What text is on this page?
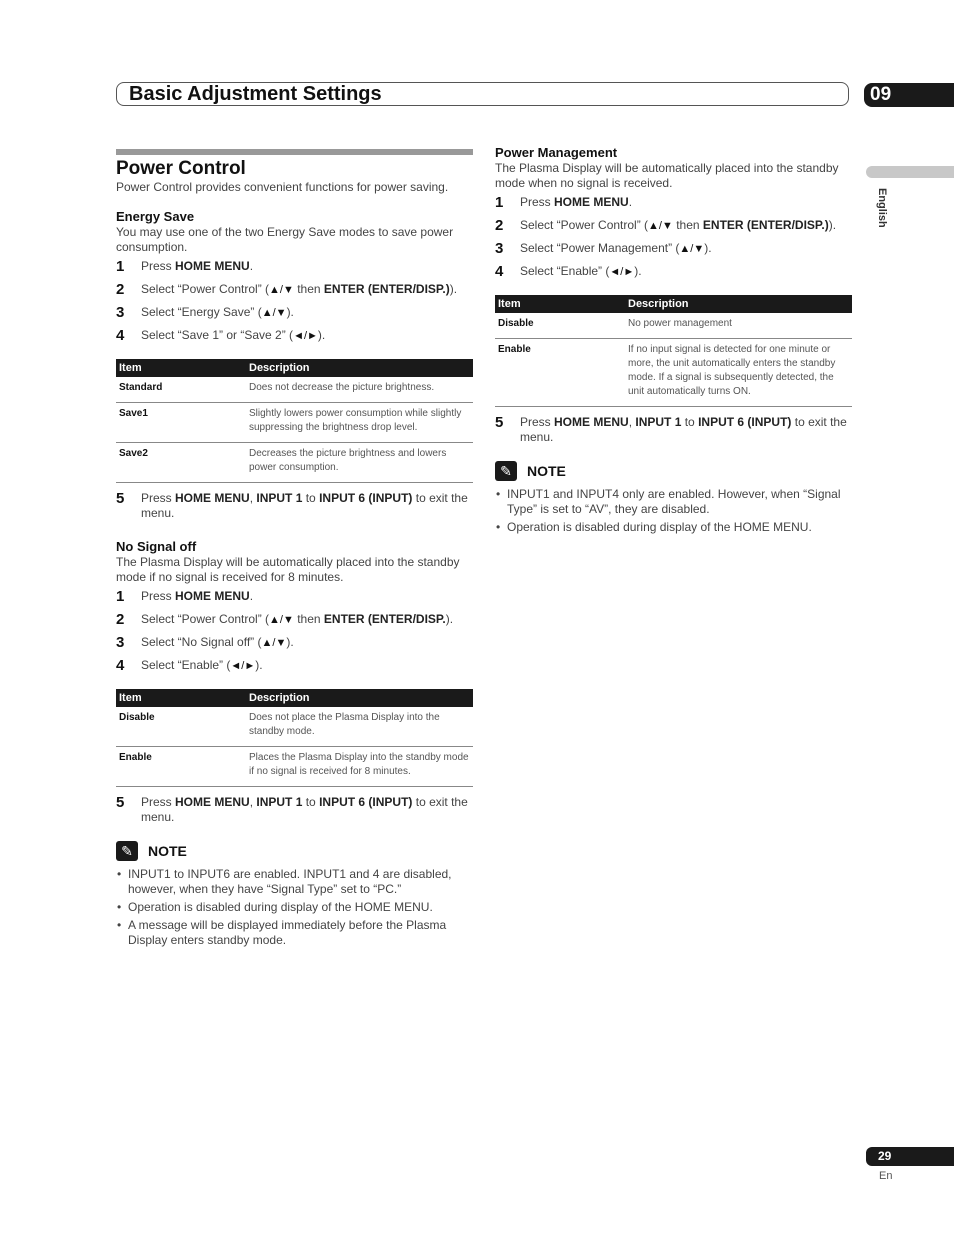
Basic Adjustment Settings	09
English
Power Control

Power Control provides convenient functions for power saving.

Energy Save

You may use one of the two Energy Save modes to save power consumption.

1	Press HOME MENU.
2	Select “Power Control” (▲/▼ then ENTER (ENTER/DISP.)).
3	Select “Energy Save” (▲/▼).
4	Select “Save 1” or “Save 2” (◄/►).
Item	Description
Standard	Does not decrease the picture brightness.
Save1	Slightly lowers power consumption while slightly suppressing the brightness drop level.
Save2	Decreases the picture brightness and lowers power consumption.
5	Press HOME MENU, INPUT 1 to INPUT 6 (INPUT) to exit the menu.
No Signal off

The Plasma Display will be automatically placed into the standby mode if no signal is received for 8 minutes.

1	Press HOME MENU.
2	Select “Power Control” (▲/▼ then ENTER (ENTER/DISP.).
3	Select “No Signal off” (▲/▼).
4	Select “Enable” (◄/►).
Item	Description
Disable	Does not place the Plasma Display into the standby mode.
Enable	Places the Plasma Display into the standby mode if no signal is received for 8 minutes.
5	Press HOME MENU, INPUT 1 to INPUT 6 (INPUT) to exit the menu.
✎	NOTE
• INPUT1 to INPUT6 are enabled. INPUT1 and 4 are disabled, however, when they have “Signal Type” set to “PC.”
• Operation is disabled during display of the HOME MENU.
• A message will be displayed immediately before the Plasma Display enters standby mode.
Power Management

The Plasma Display will be automatically placed into the standby mode when no signal is received.

1	Press HOME MENU.
2	Select “Power Control” (▲/▼ then ENTER (ENTER/DISP.)).
3	Select “Power Management” (▲/▼).
4	Select “Enable” (◄/►).
Item	Description
Disable	No power management
Enable	If no input signal is detected for one minute or more, the unit automatically enters the standby mode. If a signal is subsequently detected, the unit automatically turns ON.
5	Press HOME MENU, INPUT 1 to INPUT 6 (INPUT) to exit the menu.
✎	NOTE
• INPUT1 and INPUT4 only are enabled. However, when “Signal Type” is set to “AV”, they are disabled.
• Operation is disabled during display of the HOME MENU.
29
En
